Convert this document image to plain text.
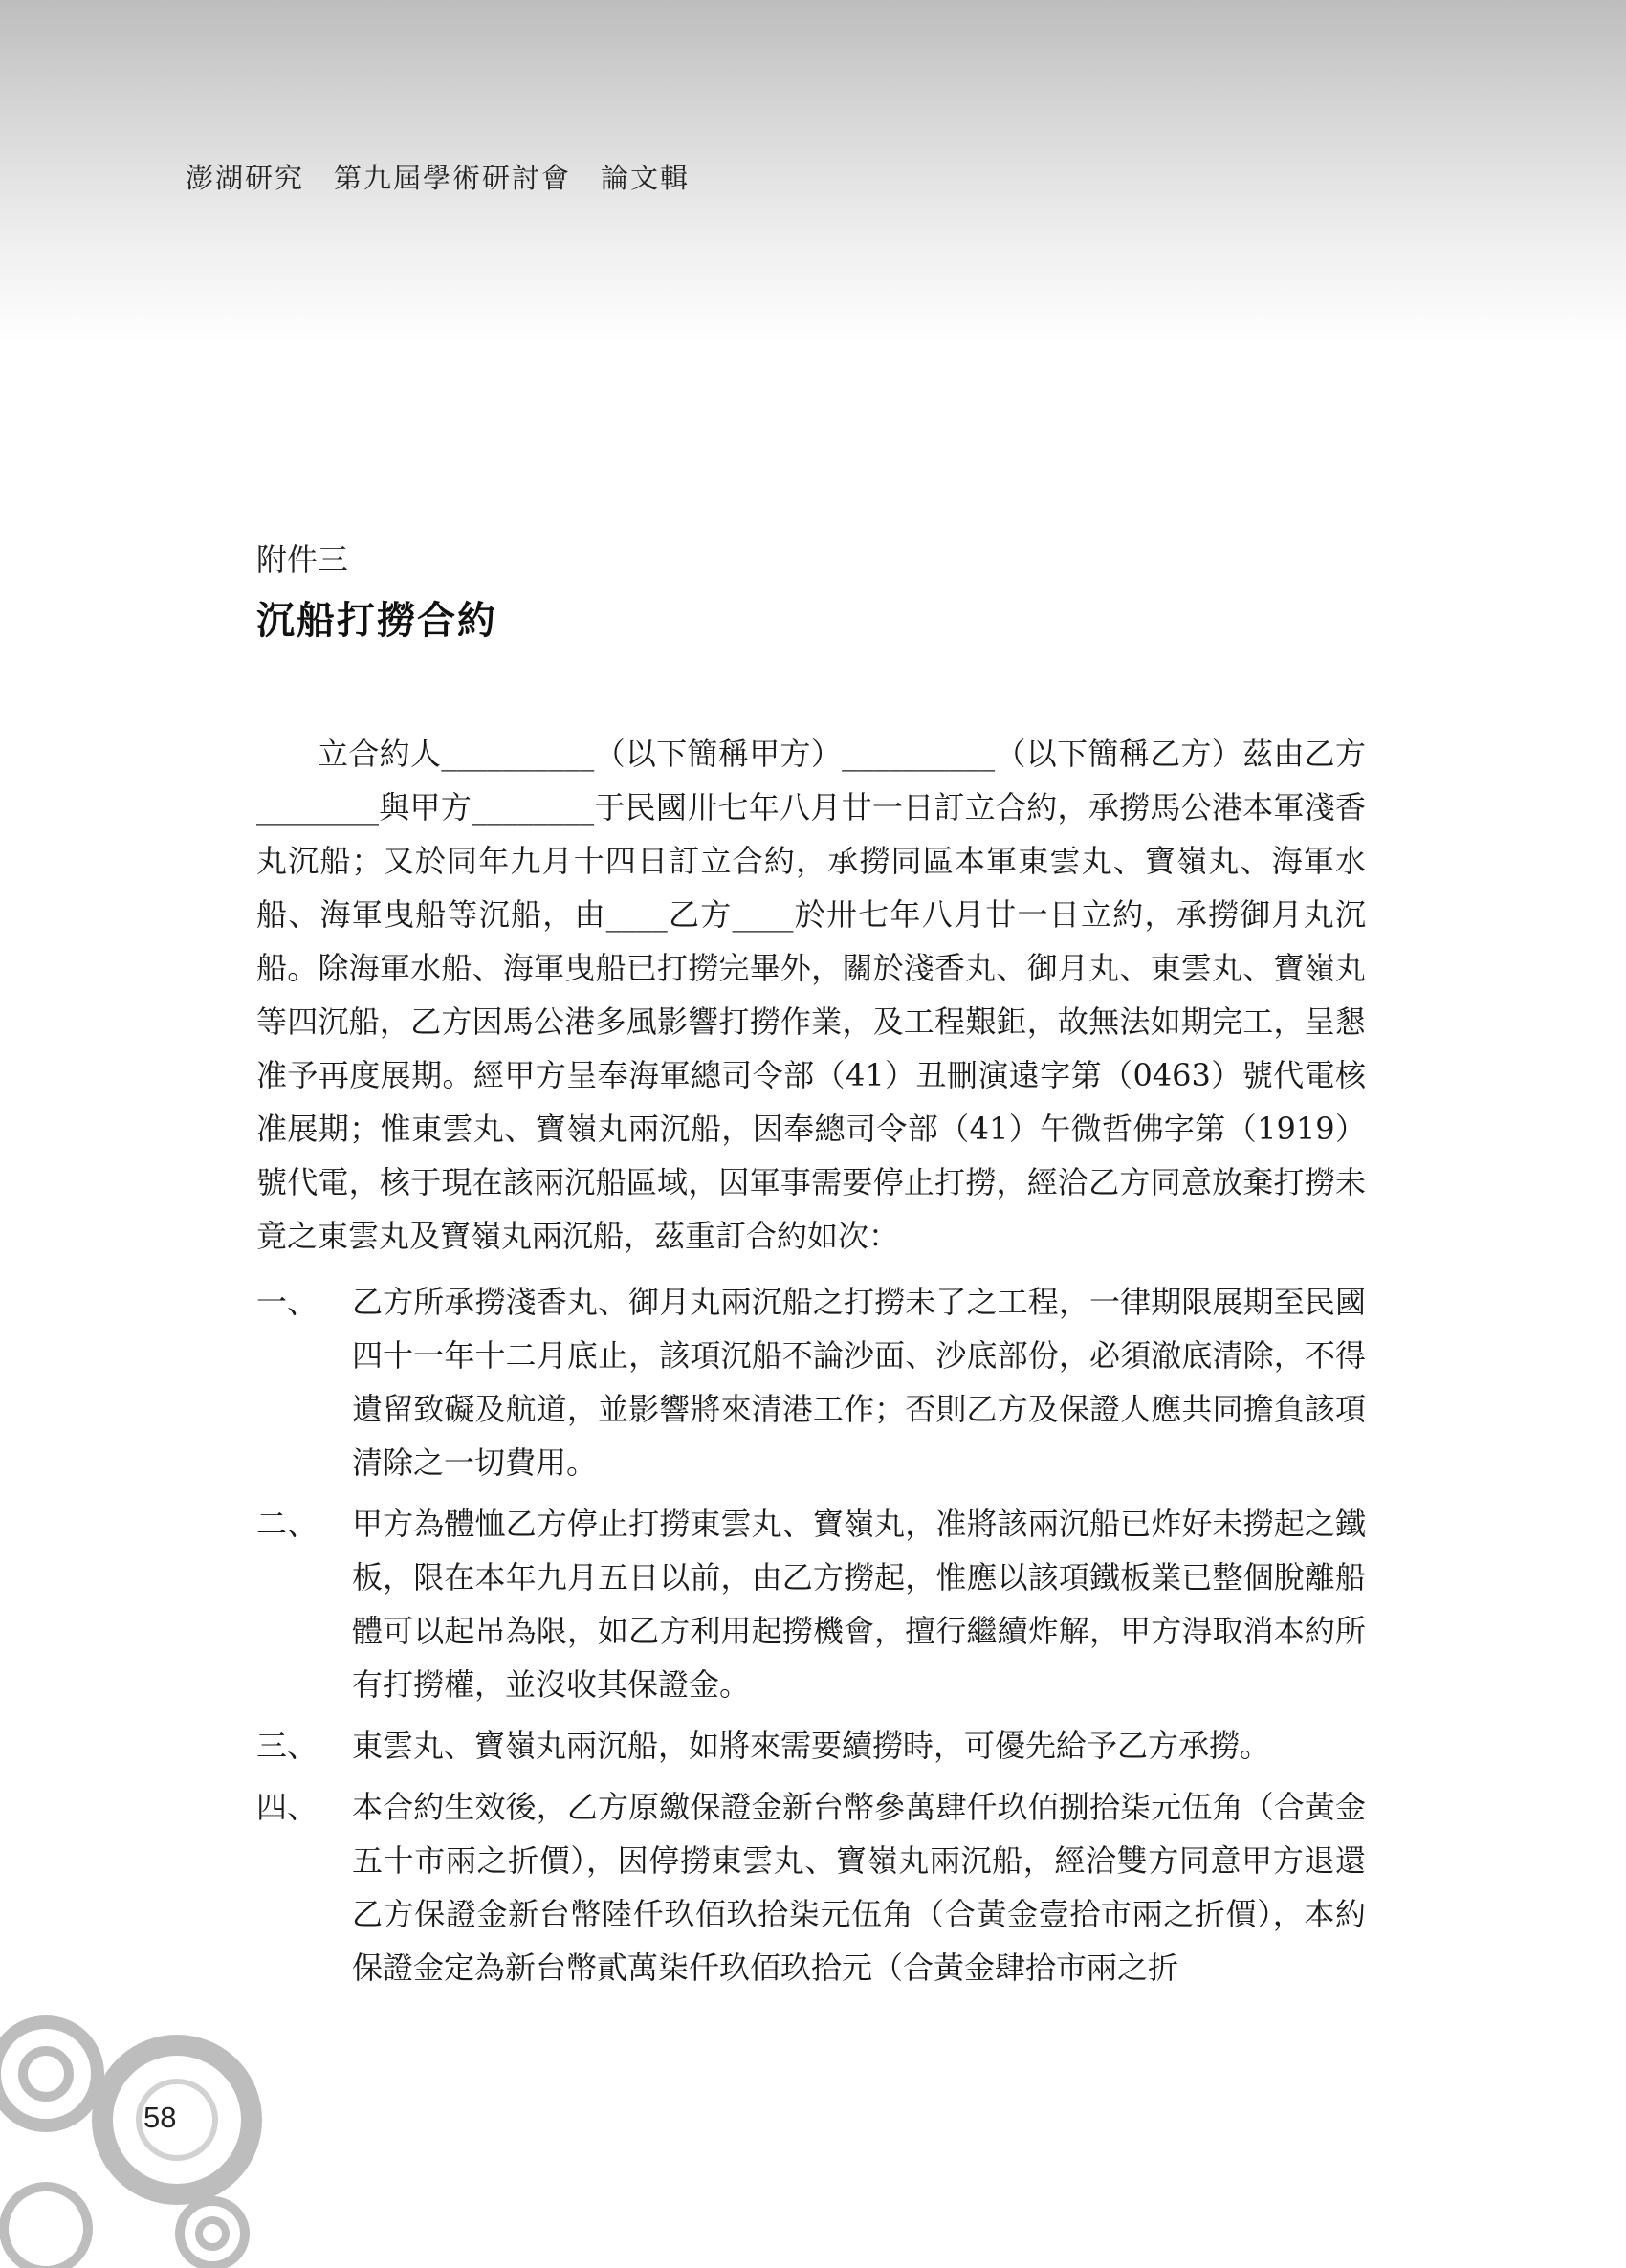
澎湖研究　第九屆學術研討會　論文輯
58
附件三
沉船打撈合約

立合約人__________（以下簡稱甲方）__________（以下簡稱乙方）茲由乙方________與甲方________于民國卅七年八月廿一日訂立合約，承撈馬公港本軍淺香丸沉船；又於同年九月十四日訂立合約，承撈同區本軍東雲丸、寶嶺丸、海軍水船、海軍曳船等沉船，由____乙方____於卅七年八月廿一日立約，承撈御月丸沉船。除海軍水船、海軍曳船已打撈完畢外，關於淺香丸、御月丸、東雲丸、寶嶺丸等四沉船，乙方因馬公港多風影響打撈作業，及工程艱鉅，故無法如期完工，呈懇准予再度展期。經甲方呈奉海軍總司令部（41）丑刪演遠字第（0463）號代電核准展期；惟東雲丸、寶嶺丸兩沉船，因奉總司令部（41）午微哲佛字第（1919）號代電，核于現在該兩沉船區域，因軍事需要停止打撈，經洽乙方同意放棄打撈未竟之東雲丸及寶嶺丸兩沉船，茲重訂合約如次：

一、	乙方所承撈淺香丸、御月丸兩沉船之打撈未了之工程，一律期限展期至民國四十一年十二月底止，該項沉船不論沙面、沙底部份，必須澈底清除，不得遺留致礙及航道，並影響將來清港工作；否則乙方及保證人應共同擔負該項清除之一切費用。
二、	甲方為體恤乙方停止打撈東雲丸、寶嶺丸，准將該兩沉船已炸好未撈起之鐵板，限在本年九月五日以前，由乙方撈起，惟應以該項鐵板業已整個脫離船體可以起吊為限，如乙方利用起撈機會，擅行繼續炸解，甲方淂取消本約所有打撈權，並沒收其保證金。
三、	東雲丸、寶嶺丸兩沉船，如將來需要續撈時，可優先給予乙方承撈。
四、	本合約生效後，乙方原繳保證金新台幣參萬肆仟玖佰捌拾柒元伍角（合黃金五十市兩之折價），因停撈東雲丸、寶嶺丸兩沉船，經洽雙方同意甲方退還乙方保證金新台幣陸仟玖佰玖拾柒元伍角（合黃金壹拾市兩之折價），本約保證金定為新台幣貳萬柒仟玖佰玖拾元（合黃金肆拾市兩之折
